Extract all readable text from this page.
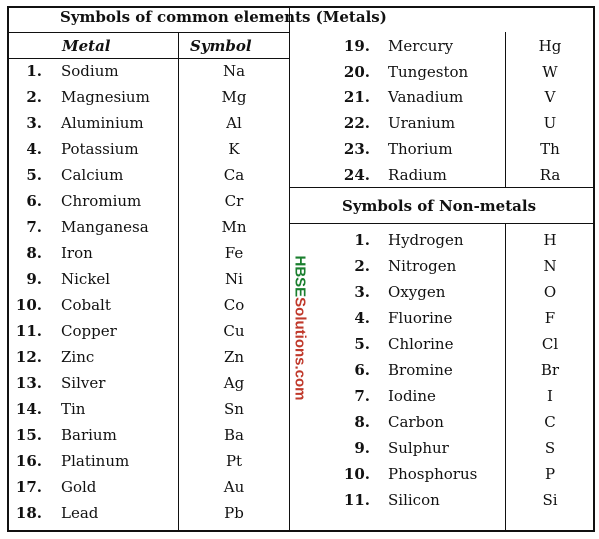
Symbols of common elements (Metals)
Metal	Symbol
Symbols of Non-metals
1. Sodium	Na
2. Magnesium	Mg
3. Aluminium	Al
4. Potassium	K
5. Calcium	Ca
6. Chromium	Cr
7. Manganesa	Mn
8. Iron	Fe
9. Nickel	Ni
10. Cobalt	Co
11. Copper	Cu
12. Zinc	Zn
13. Silver	Ag
14. Tin	Sn
15. Barium	Ba
16. Platinum	Pt
17. Gold	Au
18. Lead	Pb
19. Mercury	Hg
20. Tungeston	W
21. Vanadium	V
22. Uranium	U
23. Thorium	Th
24. Radium	Ra
1. Hydrogen	H
2. Nitrogen	N
3. Oxygen	O
4. Fluorine	F
5. Chlorine	Cl
6. Bromine	Br
7. Iodine	I
8. Carbon	C
9. Sulphur	S
10. Phosphorus	P
11. Silicon	Si
HBSESolutions.com
